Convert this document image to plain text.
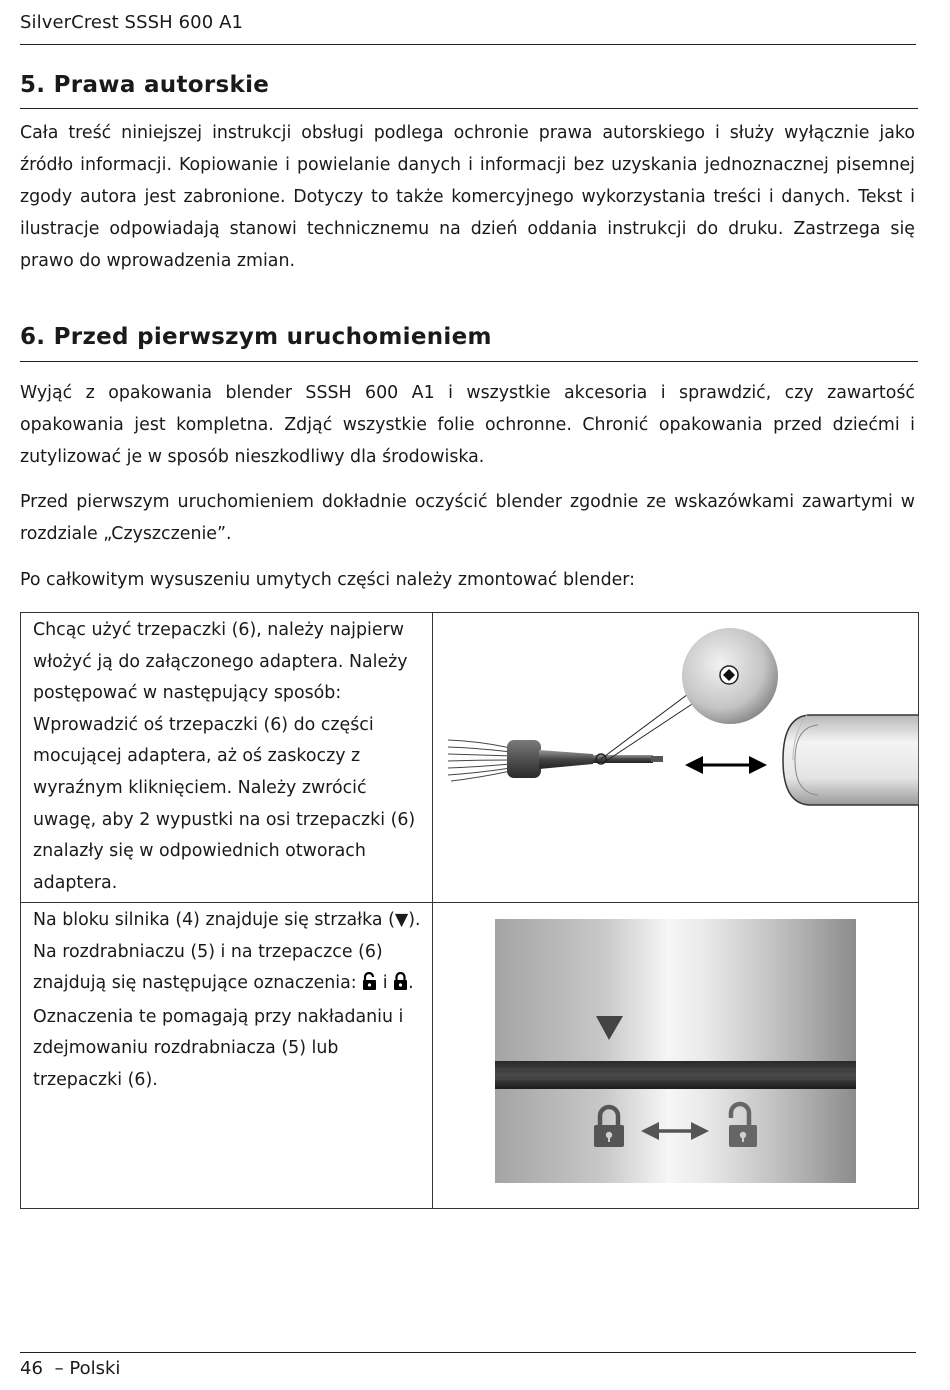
SilverCrest SSSH 600 A1
5. Prawa autorskie

Cała treść niniejszej instrukcji obsługi podlega ochronie prawa autorskiego i służy wyłącznie jako źródło informacji. Kopiowanie i powielanie danych i informacji bez uzyskania jednoznacznej pisemnej zgody autora jest zabronione. Dotyczy to także komercyjnego wykorzystania treści i danych. Tekst i ilustracje odpowiadają stanowi technicznemu na dzień oddania instrukcji do druku. Zastrzega się prawo do wprowadzenia zmian.

6. Przed pierwszym uruchomieniem

Wyjąć z opakowania blender SSSH 600 A1 i wszystkie akcesoria i sprawdzić, czy zawartość opakowania jest kompletna. Zdjąć wszystkie folie ochronne. Chronić opakowania przed dziećmi i zutylizować je w sposób nieszkodliwy dla środowiska.

Przed pierwszym uruchomieniem dokładnie oczyścić blender zgodnie ze wskazówkami zawartymi w rozdziale „Czyszczenie”.

Po całkowitym wysuszeniu umytych części należy zmontować blender:

Chcąc użyć trzepaczki (6), należy najpierw włożyć ją do załączonego adaptera. Należy postępować w następujący sposób: Wprowadzić oś trzepaczki (6) do części mocującej adaptera, aż oś zaskoczy z wyraźnym kliknięciem. Należy zwrócić uwagę, aby 2 wypustki na osi trzepaczki (6) znalazły się w odpowiednich otworach adaptera.	
Na bloku silnika (4) znajduje się strzałka (▼). Na rozdrabniaczu (5) i na trzepaczce (6) znajdują się następujące oznaczenia:  i . Oznaczenia te pomagają przy nakładaniu i zdejmowaniu rozdrabniacza (5) lub trzepaczki (6).	
46 – Polski
